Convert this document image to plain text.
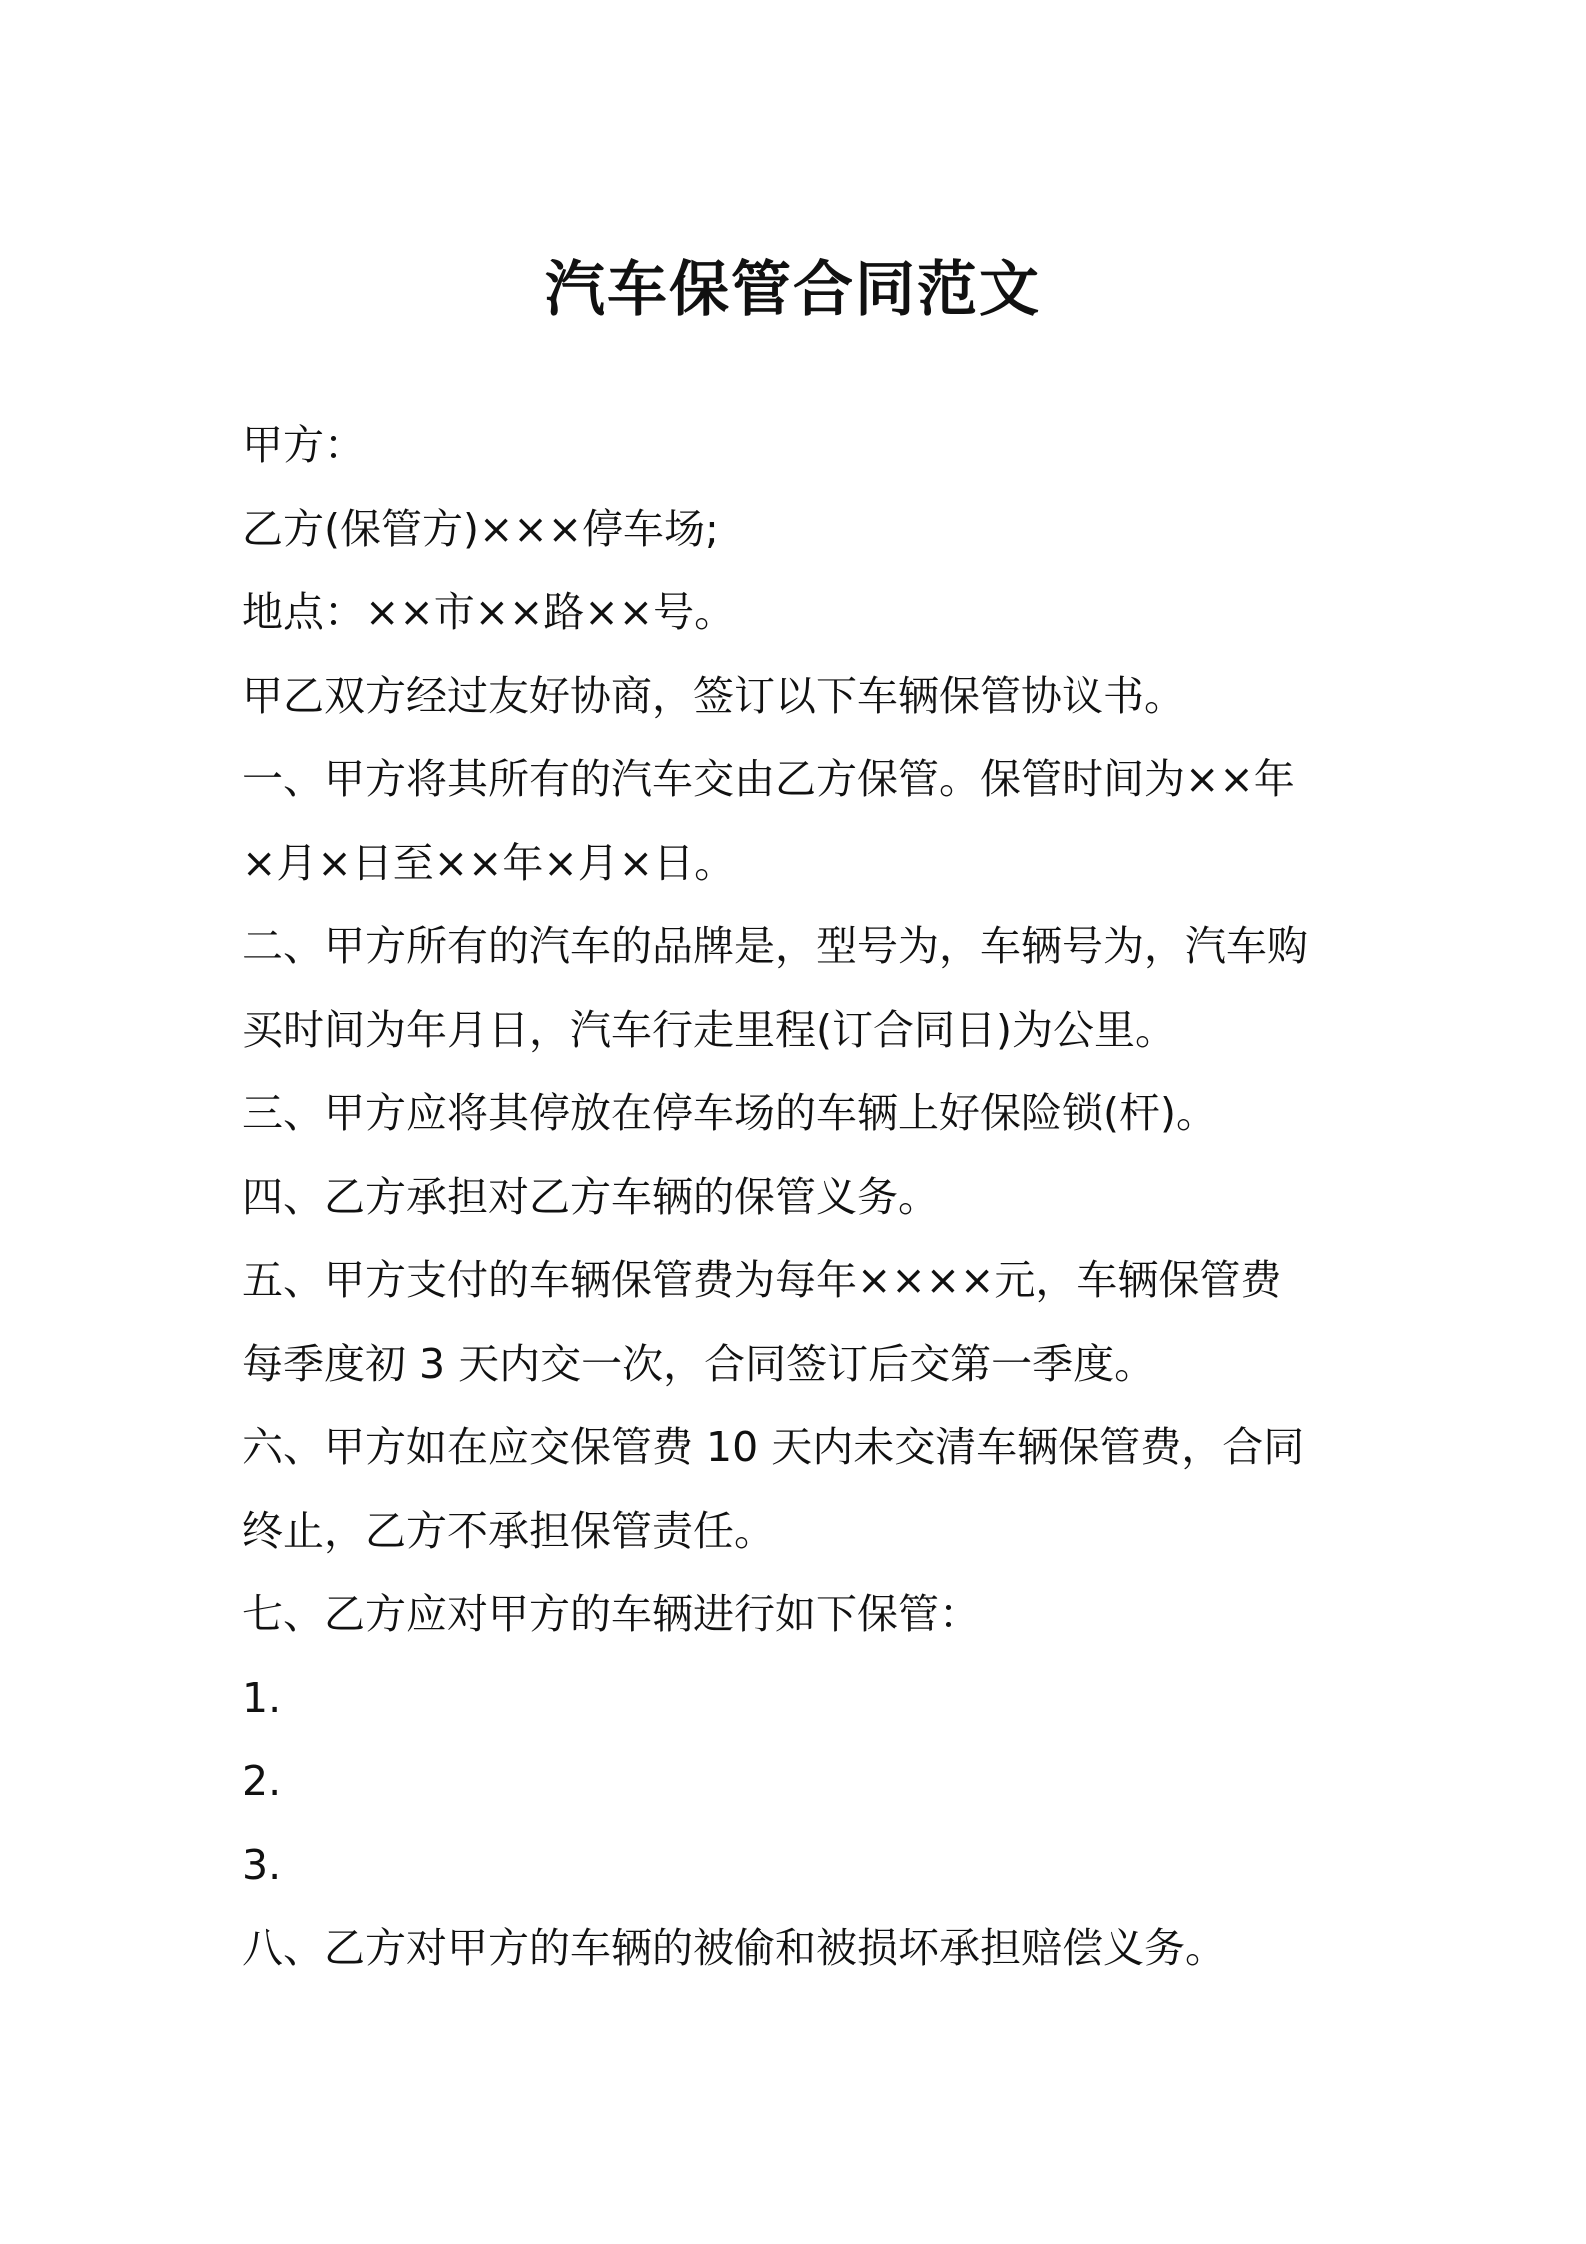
汽车保管合同范文

甲方：

乙方(保管方)×××停车场;

地点：××市××路××号。

甲乙双方经过友好协商，签订以下车辆保管协议书。

一、甲方将其所有的汽车交由乙方保管。保管时间为××年

×月×日至××年×月×日。

二、甲方所有的汽车的品牌是，型号为，车辆号为，汽车购

买时间为年月日，汽车行走里程(订合同日)为公里。

三、甲方应将其停放在停车场的车辆上好保险锁(杆)。

四、乙方承担对乙方车辆的保管义务。

五、甲方支付的车辆保管费为每年××××元，车辆保管费

每季度初 3 天内交一次，合同签订后交第一季度。

六、甲方如在应交保管费 10 天内未交清车辆保管费，合同

终止，乙方不承担保管责任。

七、乙方应对甲方的车辆进行如下保管：

1.

2.

3.

八、乙方对甲方的车辆的被偷和被损坏承担赔偿义务。
